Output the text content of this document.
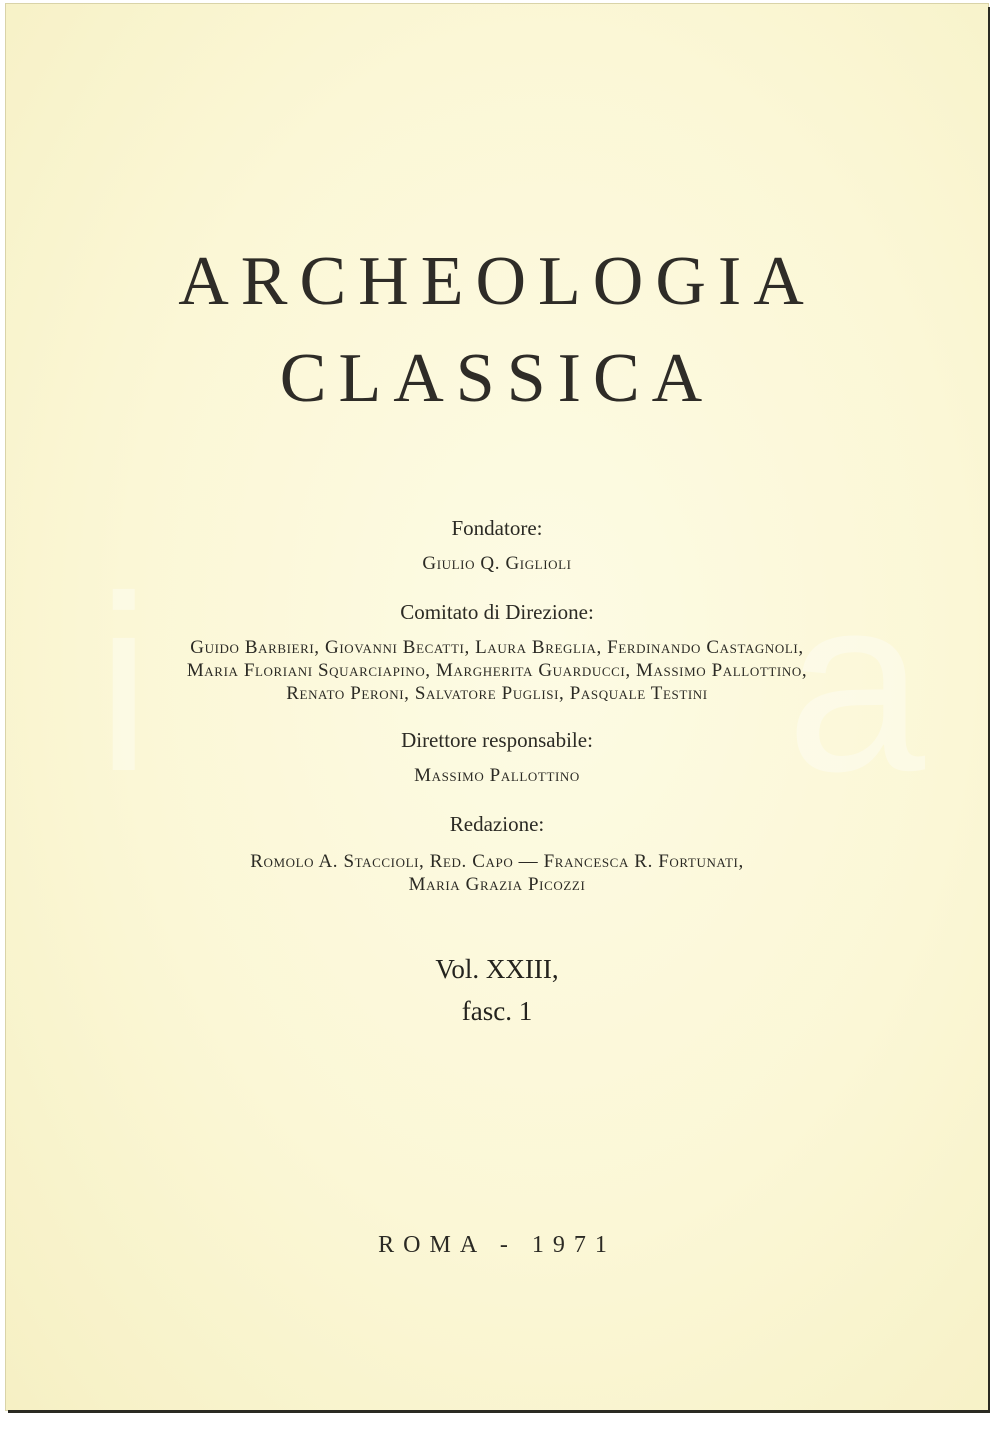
i	a
ARCHEOLOGIA
CLASSICA
Fondatore:
Giulio Q. Giglioli
Comitato di Direzione:
Guido Barbieri, Giovanni Becatti, Laura Breglia, Ferdinando Castagnoli,
Maria Floriani Squarciapino, Margherita Guarducci, Massimo Pallottino,
Renato Peroni, Salvatore Puglisi, Pasquale Testini
Direttore responsabile:
Massimo Pallottino
Redazione:
Romolo A. Staccioli, Red. Capo — Francesca R. Fortunati,
Maria Grazia Picozzi
Vol. XXIII,
fasc. 1
ROMA - 1971
